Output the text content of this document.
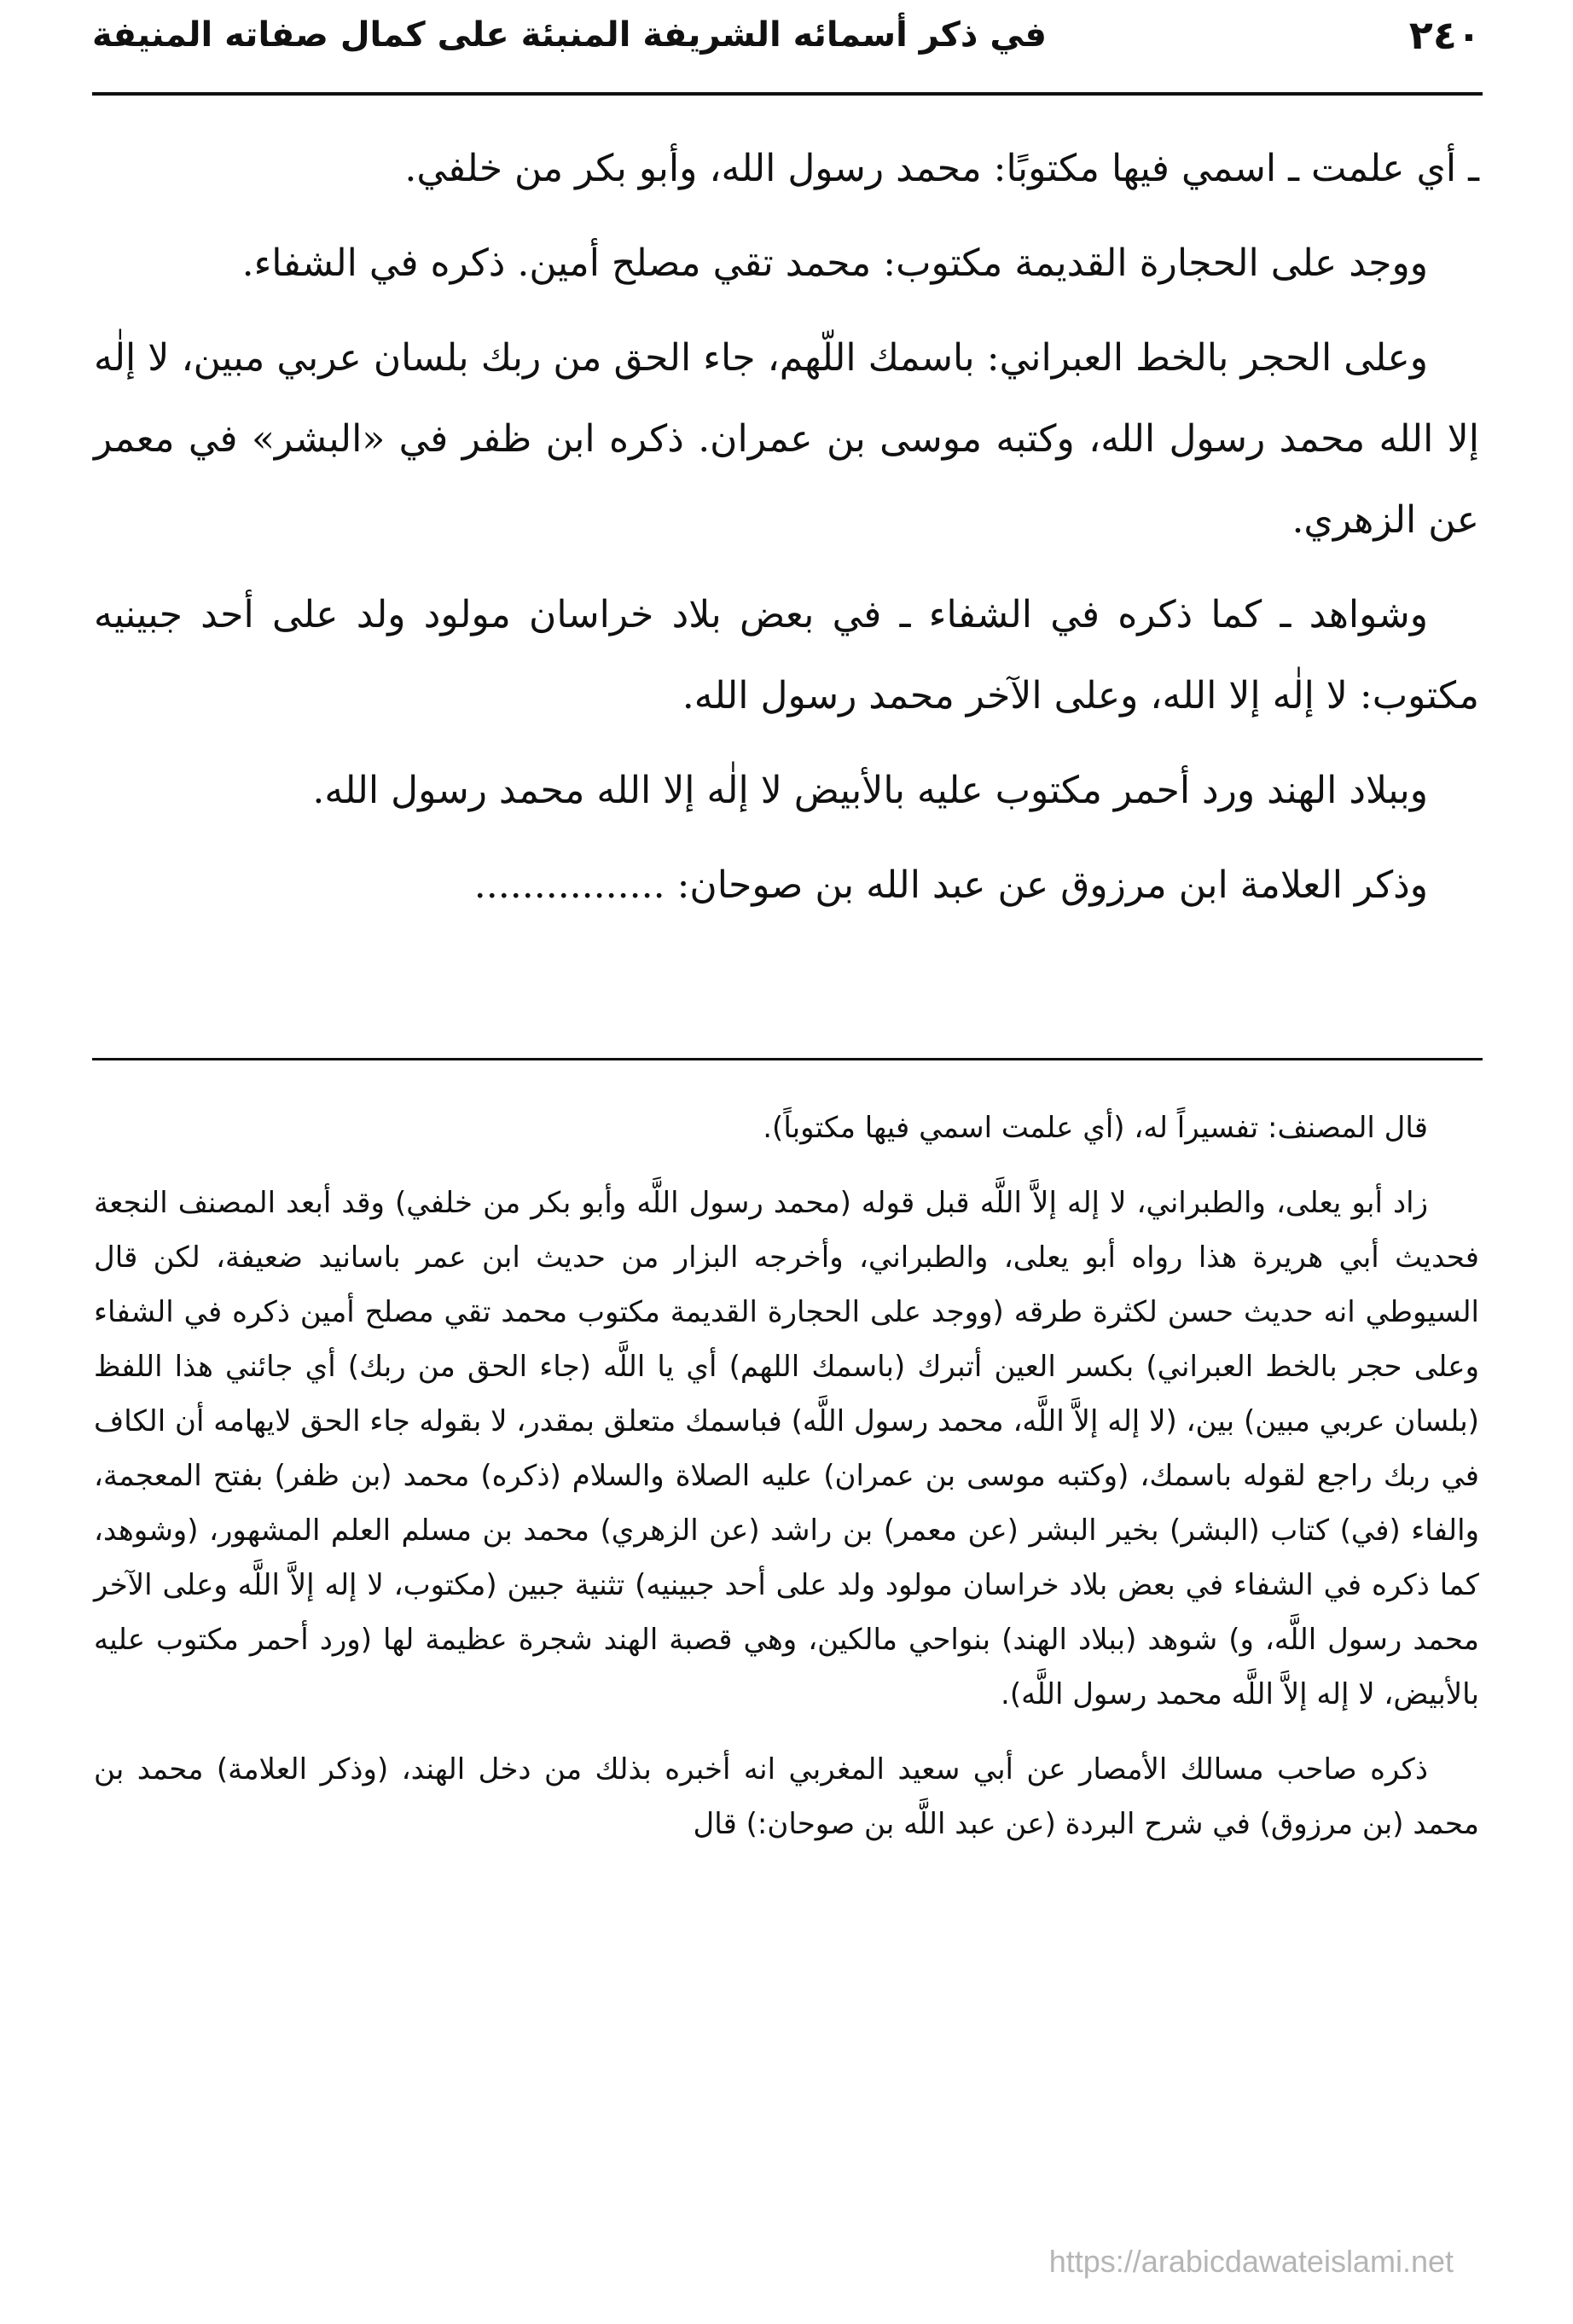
٢٤٠
في ذكر أسمائه الشريفة المنبئة على كمال صفاته المنيفة

ـ أي علمت ـ اسمي فيها مكتوبًا: محمد رسول الله، وأبو بكر من خلفي.

ووجد على الحجارة القديمة مكتوب: محمد تقي مصلح أمين. ذكره في الشفاء.

وعلى الحجر بالخط العبراني: باسمك اللّهم، جاء الحق من ربك بلسان عربي مبين، لا إلٰه إلا الله محمد رسول الله، وكتبه موسى بن عمران. ذكره ابن ظفر في «البشر» في معمر عن الزهري.

وشواهد ـ كما ذكره في الشفاء ـ في بعض بلاد خراسان مولود ولد على أحد جبينيه مكتوب: لا إلٰه إلا الله، وعلى الآخر محمد رسول الله.

وببلاد الهند ورد أحمر مكتوب عليه بالأبيض لا إلٰه إلا الله محمد رسول الله.

وذكر العلامة ابن مرزوق عن عبد الله بن صوحان: ................

قال المصنف: تفسيراً له، (أي علمت اسمي فيها مكتوباً).

زاد أبو يعلى، والطبراني، لا إله إلاَّ اللَّه قبل قوله (محمد رسول اللَّه وأبو بكر من خلفي) وقد أبعد المصنف النجعة فحديث أبي هريرة هذا رواه أبو يعلى، والطبراني، وأخرجه البزار من حديث ابن عمر باسانيد ضعيفة، لكن قال السيوطي انه حديث حسن لكثرة طرقه (ووجد على الحجارة القديمة مكتوب محمد تقي مصلح أمين ذكره في الشفاء وعلى حجر بالخط العبراني) بكسر العين أتبرك (باسمك اللهم) أي يا اللَّه (جاء الحق من ربك) أي جائني هذا اللفظ (بلسان عربي مبين) بين، (لا إله إلاَّ اللَّه، محمد رسول اللَّه) فباسمك متعلق بمقدر، لا بقوله جاء الحق لايهامه أن الكاف في ربك راجع لقوله باسمك، (وكتبه موسى بن عمران) عليه الصلاة والسلام (ذكره) محمد (بن ظفر) بفتح المعجمة، والفاء (في) كتاب (البشر) بخير البشر (عن معمر) بن راشد (عن الزهري) محمد بن مسلم العلم المشهور، (وشوهد، كما ذكره في الشفاء في بعض بلاد خراسان مولود ولد على أحد جبينيه) تثنية جبين (مكتوب، لا إله إلاَّ اللَّه وعلى الآخر محمد رسول اللَّه، و) شوهد (ببلاد الهند) بنواحي مالكين، وهي قصبة الهند شجرة عظيمة لها (ورد أحمر مكتوب عليه بالأبيض، لا إله إلاَّ اللَّه محمد رسول اللَّه).

ذكره صاحب مسالك الأمصار عن أبي سعيد المغربي انه أخبره بذلك من دخل الهند، (وذكر العلامة) محمد بن محمد (بن مرزوق) في شرح البردة (عن عبد اللَّه بن صوحان:) قال

https://arabicdawateislami.net
